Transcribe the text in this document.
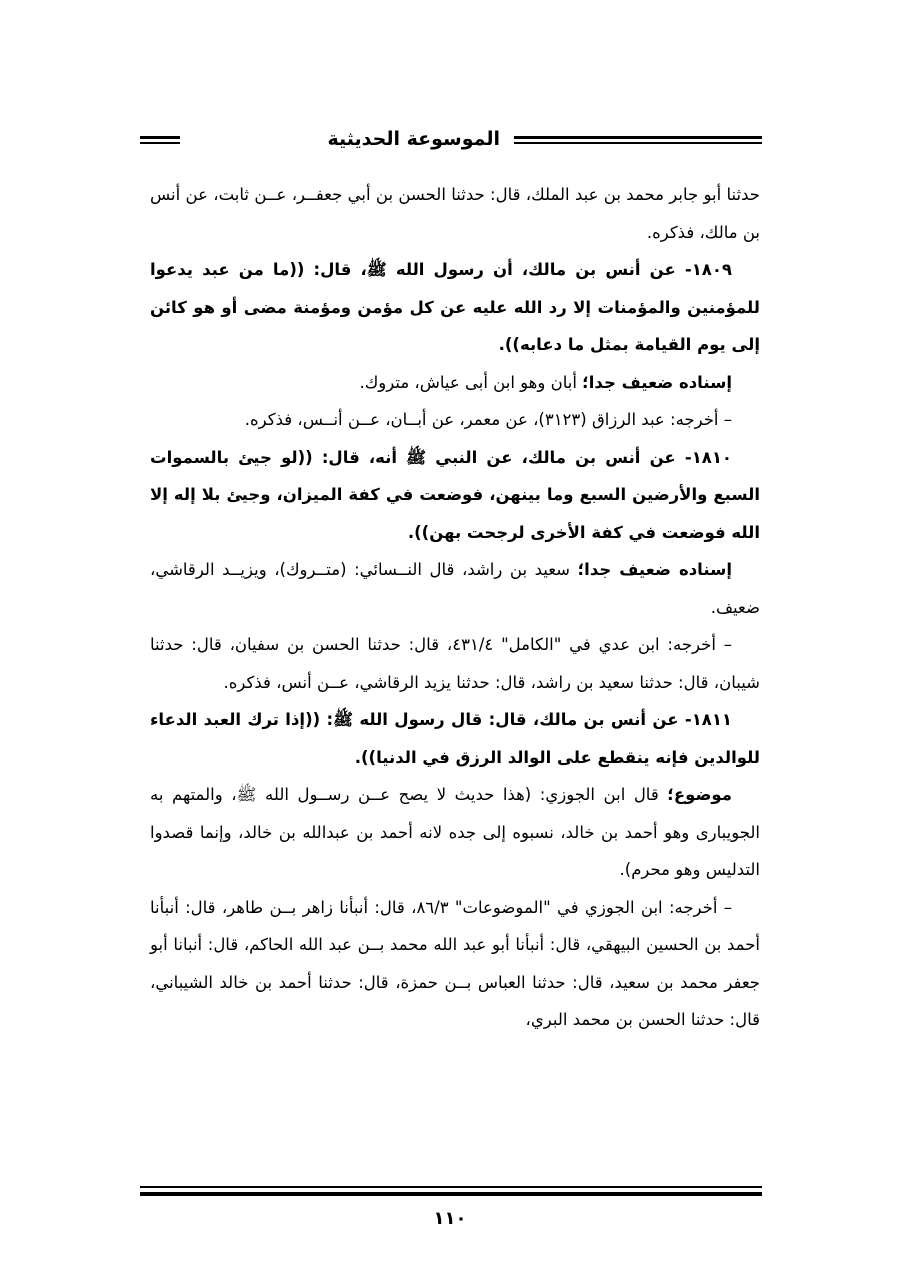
الموسوعة الحديثية

حدثنا أبو جابر محمد بن عبد الملك، قال: حدثنا الحسن بن أبي جعفــر، عــن ثابت، عن أنس بن مالك، فذكره.

١٨٠٩- عن أنس بن مالك، أن رسول الله ﷺ، قال: ((ما من عبد يدعوا للمؤمنين والمؤمنات إلا رد الله عليه عن كل مؤمن ومؤمنة مضى أو هو كائن إلى يوم القيامة بمثل ما دعابه)).

إسناده ضعيف جدا؛ أبان وهو ابن أبى عياش، متروك.

– أخرجه: عبد الرزاق (٣١٢٣)، عن معمر، عن أبــان، عــن أنــس، فذكره.

١٨١٠- عن أنس بن مالك، عن النبي ﷺ أنه، قال: ((لو جيئ بالسموات السبع والأرضين السبع وما بينهن، فوضعت في كفة الميزان، وجيئ بلا إله إلا الله فوضعت في كفة الأخرى لرجحت بهن)).

إسناده ضعيف جدا؛ سعيد بن راشد، قال النــسائي: (متــروك)، ويزيــد الرقاشي، ضعيف.

– أخرجه: ابن عدي في "الكامل" ٤٣١/٤، قال: حدثنا الحسن بن سفيان، قال: حدثنا شيبان، قال: حدثنا سعيد بن راشد، قال: حدثنا يزيد الرقاشي، عــن أنس، فذكره.

١٨١١- عن أنس بن مالك، قال: قال رسول الله ﷺ: ((إذا ترك العبد الدعاء للوالدين فإنه ينقطع على الوالد الرزق في الدنيا)).

موضوع؛ قال ابن الجوزي: (هذا حديث لا يصح عــن رســول الله ﷺ، والمتهم به الجويبارى وهو أحمد بن خالد، نسبوه إلى جده لانه أحمد بن عبدالله بن خالد، وإنما قصدوا التدليس وهو محرم).

– أخرجه: ابن الجوزي في "الموضوعات" ٨٦/٣، قال: أنبأنا زاهر بــن طاهر، قال: أنبأنا أحمد بن الحسين البيهقي، قال: أنبأنا أبو عبد الله محمد بــن عبد الله الحاكم، قال: أنبانا أبو جعفر محمد بن سعيد، قال: حدثنا العباس بــن حمزة، قال: حدثنا أحمد بن خالد الشيباني، قال: حدثنا الحسن بن محمد البري،

١١٠
